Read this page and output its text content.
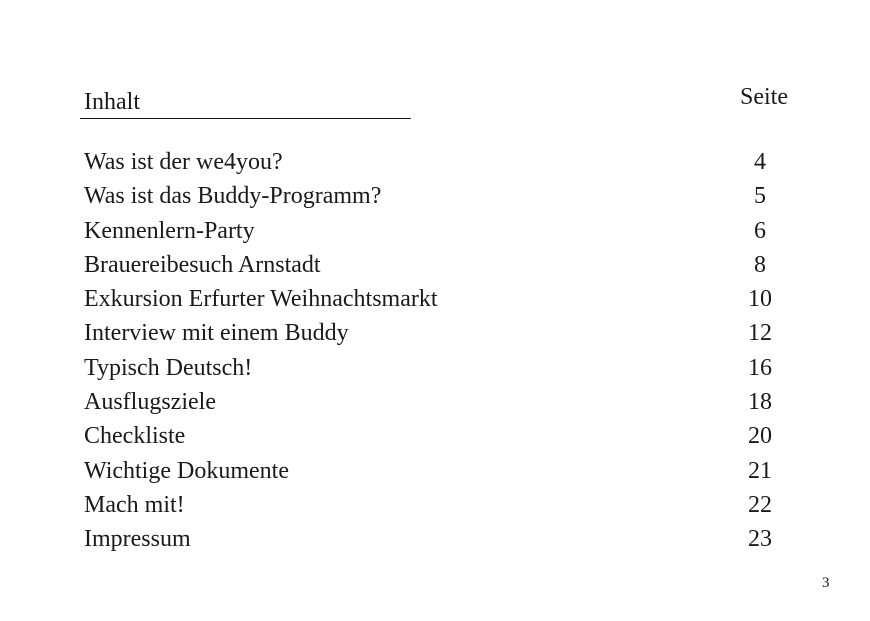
Inhalt	Seite
Was ist der we4you?	4
Was ist das Buddy-Programm?	5
Kennenlern-Party	6
Brauereibesuch Arnstadt	8
Exkursion Erfurter Weihnachtsmarkt	10
Interview mit einem Buddy	12
Typisch Deutsch!	16
Ausflugsziele	18
Checkliste	20
Wichtige Dokumente	21
Mach mit!	22
Impressum	23
3
